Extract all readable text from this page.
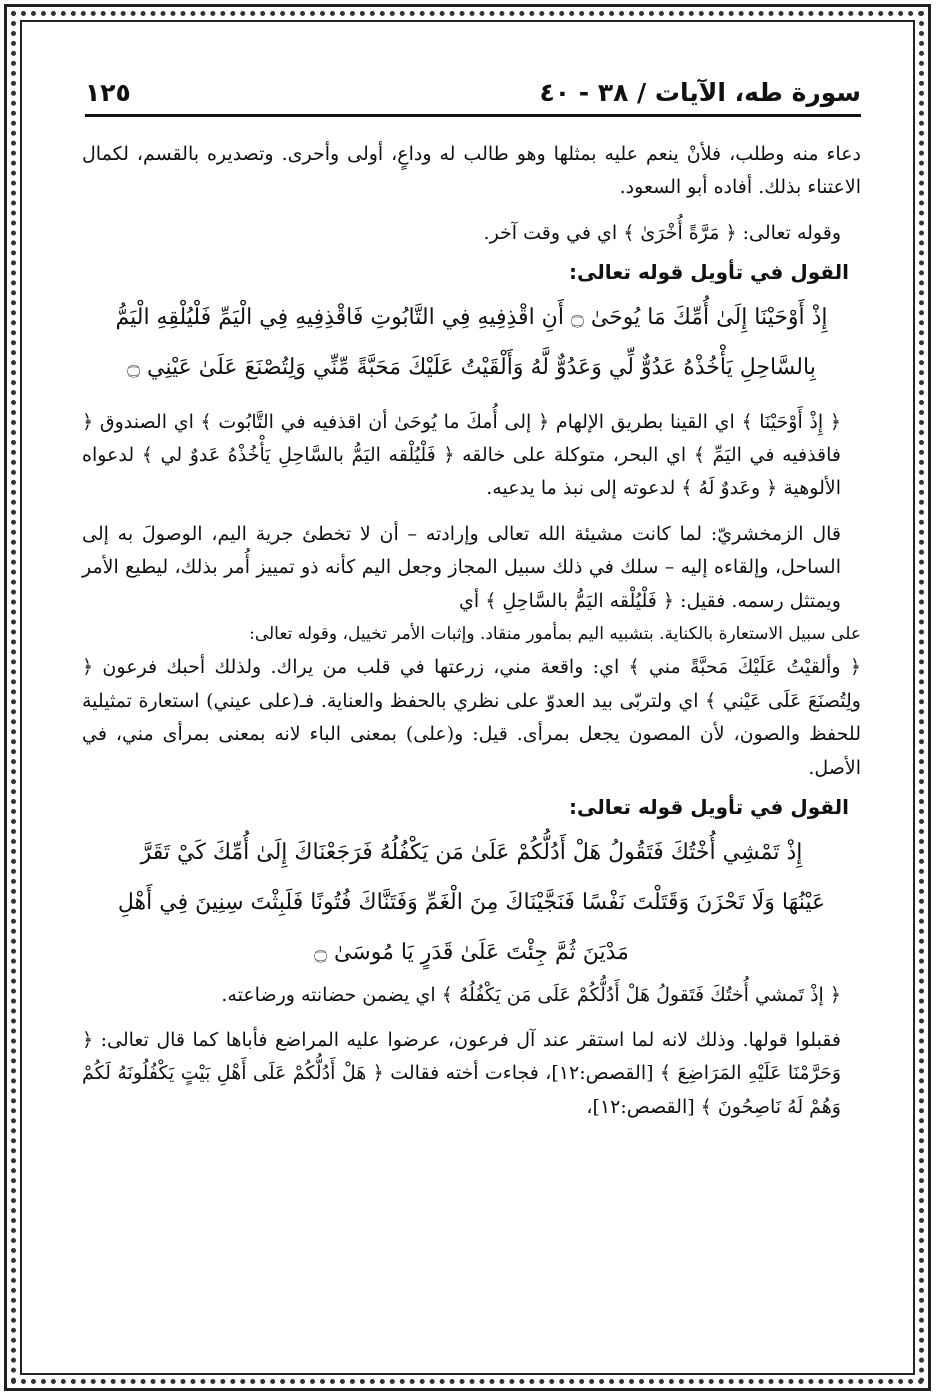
سورة طه، الآيات / ٣٨ - ٤٠
١٢٥

دعاء منه وطلب، فلأنْ ينعم عليه بمثلها وهو طالب له وداعٍ، أولى وأحرى. وتصديره بالقسم، لكمال الاعتناء بذلك. أفاده أبو السعود.

وقوله تعالى: ﴿ مَرَّةً أُخْرَىٰ ﴾ اي في وقت آخر.

القول في تأويل قوله تعالى:

إِذْ أَوْحَيْنَا إِلَىٰ أُمِّكَ مَا يُوحَىٰ ۝ أَنِ اقْذِفِيهِ فِي التَّابُوتِ فَاقْذِفِيهِ فِي الْيَمِّ فَلْيُلْقِهِ الْيَمُّ

بِالسَّاحِلِ يَأْخُذْهُ عَدُوٌّ لِّي وَعَدُوٌّ لَّهُ وَأَلْقَيْتُ عَلَيْكَ مَحَبَّةً مِّنِّي وَلِتُصْنَعَ عَلَىٰ عَيْنِي ۝

﴿ إِذْ أَوْحَيْنَا ﴾ اي القينا بطريق الإلهام ﴿ إلى أُمكَ ما يُوحَىٰ أن اقذفيه في التَّابُوت ﴾ اي الصندوق ﴿ فاقذفيه في اليَمِّ ﴾ اي البحر، متوكلة على خالقه ﴿ فَلْيُلْقه اليَمُّ بالسَّاحِلِ يَأْخُذْهُ عَدوٌ لي ﴾ لدعواه الألوهية ﴿ وعَدوٌ لَهُ ﴾ لدعوته إلى نبذ ما يدعيه.

قال الزمخشريّ: لما كانت مشيئة الله تعالى وإرادته – أن لا تخطئ جرية اليم، الوصولَ به إلى الساحل، وإلقاءه إليه – سلك في ذلك سبيل المجاز وجعل اليم كأنه ذو تمييز أُمر بذلك، ليطيع الأمر ويمتثل رسمه. فقيل: ﴿ فَلْيُلْقه اليَمُّ بالسَّاحِلِ ﴾ أي

على سبيل الاستعارة بالكناية. بتشبيه اليم بمأمور منقاد. وإثبات الأمر تخييل، وقوله تعالى:

﴿ وألقيْتُ عَلَيْكَ مَحبَّةً مني ﴾ اي: واقعة مني، زرعتها في قلب من يراك. ولذلك أحبك فرعون ﴿ ولِتُصنَعَ عَلَى عَيْني ﴾ اي ولتربّى بيد العدوّ على نظري بالحفظ والعناية. فـ(على عيني) استعارة تمثيلية للحفظ والصون، لأن المصون يجعل بمرأى. قيل: و(على) بمعنى الباء لانه بمعنى بمرأى مني، في الأصل.

القول في تأويل قوله تعالى:

إِذْ تَمْشِي أُخْتُكَ فَتَقُولُ هَلْ أَدُلُّكُمْ عَلَىٰ مَن يَكْفُلُهُ فَرَجَعْنَاكَ إِلَىٰ أُمِّكَ كَيْ تَقَرَّ

عَيْنُهَا وَلَا تَحْزَنَ وَقَتَلْتَ نَفْسًا فَنَجَّيْنَاكَ مِنَ الْغَمِّ وَفَتَنَّاكَ فُتُونًا فَلَبِثْتَ سِنِينَ فِي أَهْلِ

مَدْيَنَ ثُمَّ جِئْتَ عَلَىٰ قَدَرٍ يَا مُوسَىٰ ۝

﴿ إذْ تَمشي أُختُكَ فَتَقولُ هَلْ أَدُلُّكُمْ عَلَى مَن يَكْفُلُهُ ﴾ اي يضمن حضانته ورضاعته.

فقبلوا قولها. وذلك لانه لما استقر عند آل فرعون، عرضوا عليه المراضع فأباها كما قال تعالى: ﴿ وَحَرَّمْنَا عَلَيْهِ المَرَاضِعَ ﴾ [القصص:١٢]، فجاءت أخته فقالت ﴿ هَلْ أَدُلُّكُمْ عَلَى أَهْلِ بَيْتٍ يَكْفُلُونَهُ لَكُمْ وَهُمْ لَهُ نَاصِحُونَ ﴾ [القصص:١٢]،
